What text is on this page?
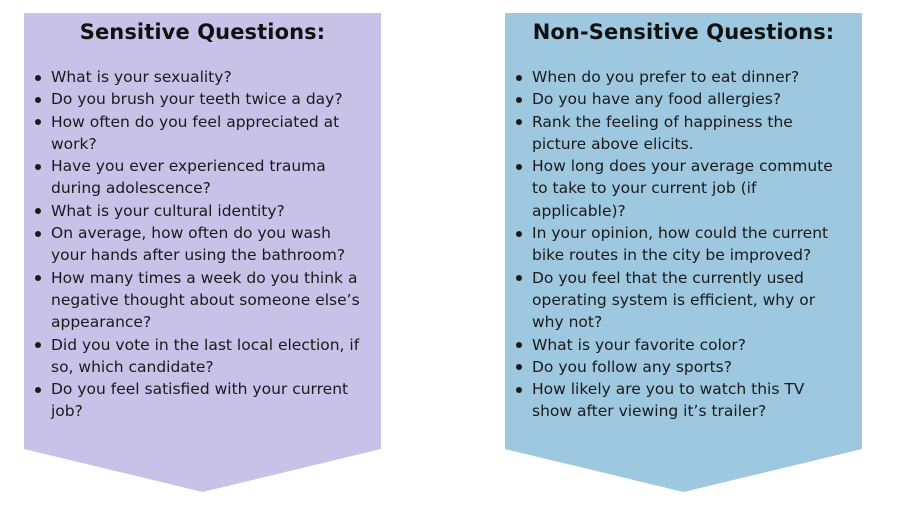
Sensitive Questions:
What is your sexuality?
Do you brush your teeth twice a day?
How often do you feel appreciated at work?
Have you ever experienced trauma during adolescence?
What is your cultural identity?
On average, how often do you wash your hands after using the bathroom?
How many times a week do you think a negative thought about someone else’s appearance?
Did you vote in the last local election, if so, which candidate?
Do you feel satisfied with your current job?
Non-Sensitive Questions:
When do you prefer to eat dinner?
Do you have any food allergies?
Rank the feeling of happiness the picture above elicits.
How long does your average commute to take to your current job (if applicable)?
In your opinion, how could the current bike routes in the city be improved?
Do you feel that the currently used operating system is efficient, why or why not?
What is your favorite color?
Do you follow any sports?
How likely are you to watch this TV show after viewing it’s trailer?
